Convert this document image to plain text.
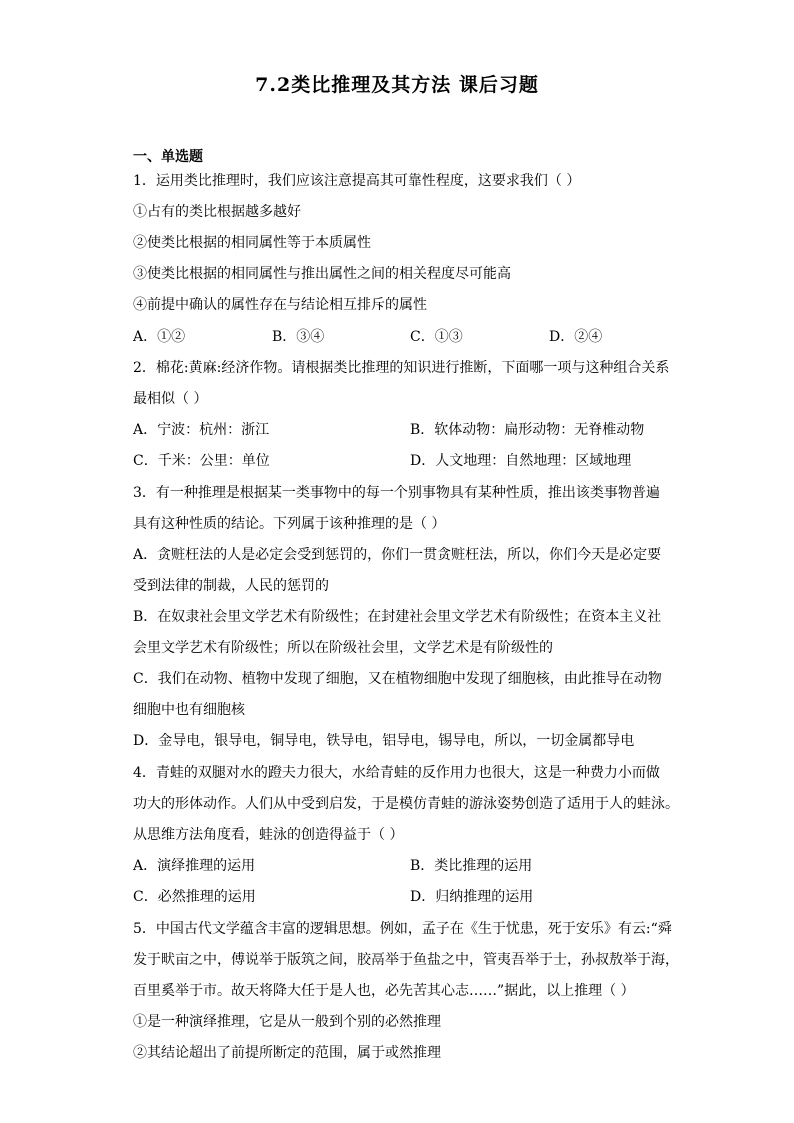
7.2类比推理及其方法 课后习题
一、单选题
1．运用类比推理时，我们应该注意提高其可靠性程度，这要求我们（ ）
①占有的类比根据越多越好
②使类比根据的相同属性等于本质属性
③使类比根据的相同属性与推出属性之间的相关程度尽可能高
④前提中确认的属性存在与结论相互排斥的属性
A．①②	B．③④	C．①③	D．②④
2．棉花:黄麻:经济作物。请根据类比推理的知识进行推断，下面哪一项与这种组合关系
最相似（ ）
A．宁波：杭州：浙江	B．软体动物：扁形动物：无脊椎动物
C．千米：公里：单位	D．人文地理：自然地理：区域地理
3．有一种推理是根据某一类事物中的每一个别事物具有某种性质，推出该类事物普遍
具有这种性质的结论。下列属于该种推理的是（ ）
A．贪赃枉法的人是必定会受到惩罚的，你们一贯贪赃枉法，所以，你们今天是必定要
受到法律的制裁，人民的惩罚的
B．在奴隶社会里文学艺术有阶级性；在封建社会里文学艺术有阶级性；在资本主义社
会里文学艺术有阶级性；所以在阶级社会里，文学艺术是有阶级性的
C．我们在动物、植物中发现了细胞，又在植物细胞中发现了细胞核，由此推导在动物
细胞中也有细胞核
D．金导电，银导电，铜导电，铁导电，铝导电，锡导电，所以，一切金属都导电
4．青蛙的双腿对水的蹬夫力很大，水给青蛙的反作用力也很大，这是一种费力小而做
功大的形体动作。人们从中受到启发，于是模仿青蛙的游泳姿势创造了适用于人的蛙泳。
从思维方法角度看，蛙泳的创造得益于（ ）
A．演绎推理的运用	B．类比推理的运用
C．必然推理的运用	D．归纳推理的运用
5．中国古代文学蕴含丰富的逻辑思想。例如，孟子在《生于忧患，死于安乐》有云:“舜
发于畎亩之中，傅说举于版筑之间，胶鬲举于鱼盐之中，管夷吾举于士，孙叔敖举于海，
百里奚举于市。故天将降大任于是人也，必先苦其心志……”据此，以上推理（ ）
①是一种演绎推理，它是从一般到个别的必然推理
②其结论超出了前提所断定的范围，属于或然推理
